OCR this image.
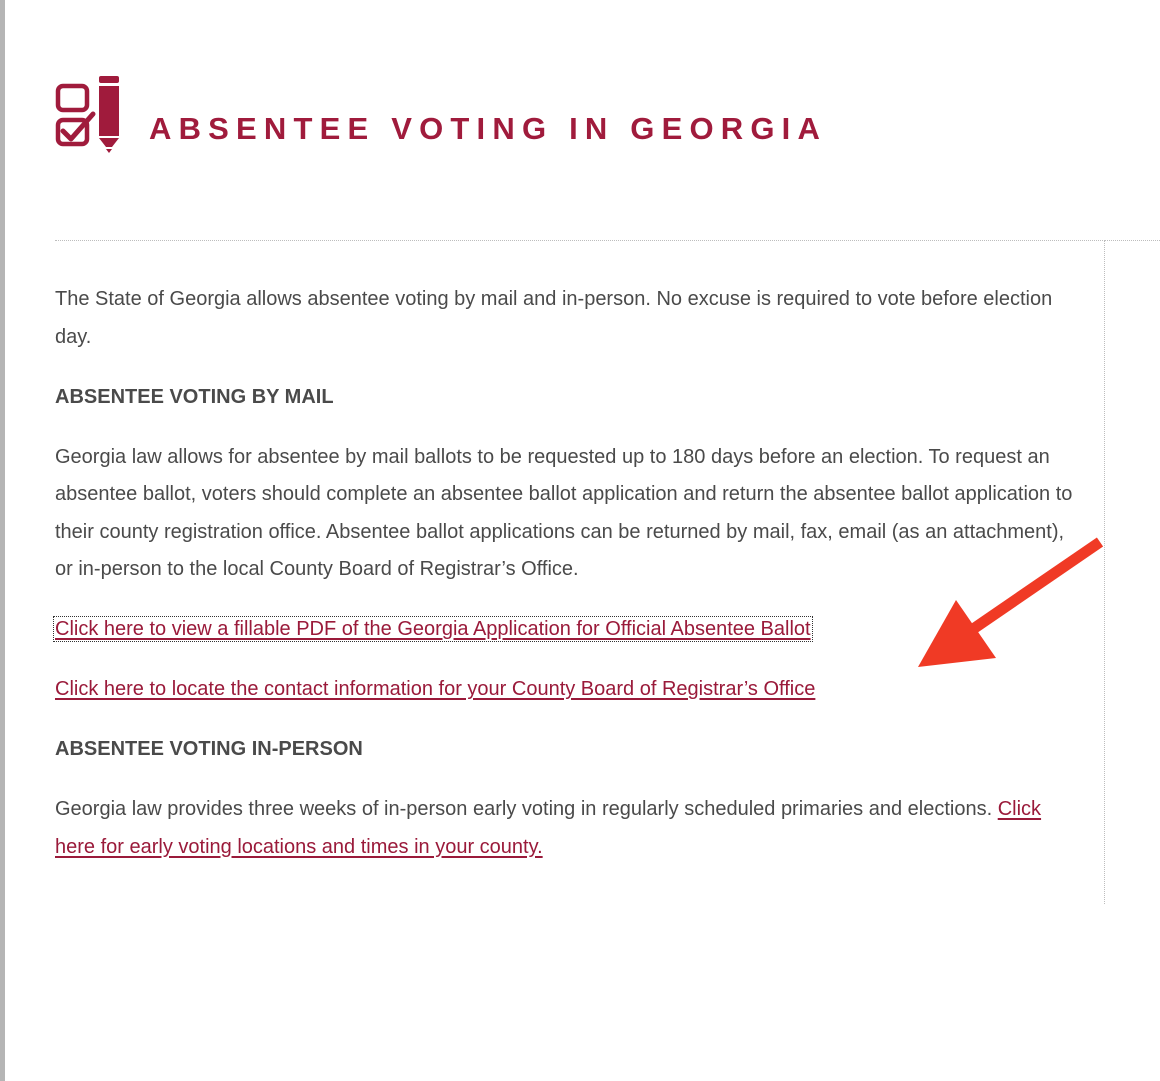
ABSENTEE VOTING IN GEORGIA

The State of Georgia allows absentee voting by mail and in-person. No excuse is required to vote before election day.

ABSENTEE VOTING BY MAIL

Georgia law allows for absentee by mail ballots to be requested up to 180 days before an election. To request an absentee ballot, voters should complete an absentee ballot application and return the absentee ballot application to their county registration office. Absentee ballot applications can be returned by mail, fax, email (as an attachment), or in-person to the local County Board of Registrar’s Office.

Click here to view a fillable PDF of the Georgia Application for Official Absentee Ballot

Click here to locate the contact information for your County Board of Registrar’s Office

ABSENTEE VOTING IN-PERSON

Georgia law provides three weeks of in-person early voting in regularly scheduled primaries and elections. Click here for early voting locations and times in your county.
